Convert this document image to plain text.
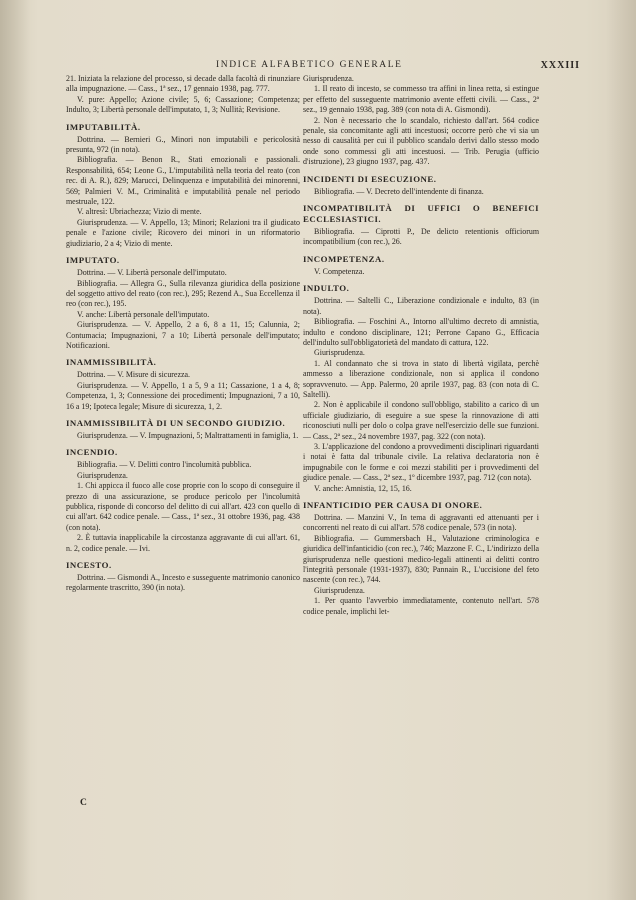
INDICE ALFABETICO GENERALE	XXXIII

21. Iniziata la relazione del processo, si decade dalla facoltà di rinunziare alla impugnazione. — Cass., 1ª sez., 17 gennaio 1938, pag. 777.

V. pure: Appello; Azione civile; 5, 6; Cassazione; Competenza; Indulto, 3; Libertà personale dell'imputato, 1, 3; Nullità; Revisione.

IMPUTABILITÀ.

Dottrina. — Bernieri G., Minori non imputabili e pericolosità presunta, 972 (in nota).

Bibliografia. — Benon R., Stati emozionali e passionali. Responsabilità, 654; Leone G., L'imputabilità nella teoria del reato (con rec. di A. R.), 829; Marucci, Delinquenza e imputabilità dei minorenni, 569; Palmieri V. M., Criminalità e imputabilità penale nel periodo mestruale, 122.

V. altresì: Ubriachezza; Vizio di mente.

Giurisprudenza. — V. Appello, 13; Minori; Relazioni tra il giudicato penale e l'azione civile; Ricovero dei minori in un riformatorio giudiziario, 2 a 4; Vizio di mente.

IMPUTATO.

Dottrina. — V. Libertà personale dell'imputato.

Bibliografia. — Allegra G., Sulla rilevanza giuridica della posizione del soggetto attivo del reato (con rec.), 295; Rezend A., Sua Eccellenza il reo (con rec.), 195.

V. anche: Libertà personale dell'imputato.

Giurisprudenza. — V. Appello, 2 a 6, 8 a 11, 15; Calunnia, 2; Contumacia; Impugnazioni, 7 a 10; Libertà personale dell'imputato; Notificazioni.

INAMMISSIBILITÀ.

Dottrina. — V. Misure di sicurezza.

Giurisprudenza. — V. Appello, 1 a 5, 9 a 11; Cassazione, 1 a 4, 8; Competenza, 1, 3; Connessione dei procedimenti; Impugnazioni, 7 a 10, 16 a 19; Ipoteca legale; Misure di sicurezza, 1, 2.

INAMMISSIBILITÀ DI UN SECONDO GIUDIZIO.

Giurisprudenza. — V. Impugnazioni, 5; Maltrattamenti in famiglia, 1.

INCENDIO.

Bibliografia. — V. Delitti contro l'incolumità pubblica.

Giurisprudenza.

1. Chi appicca il fuoco alle cose proprie con lo scopo di conseguire il prezzo di una assicurazione, se produce pericolo per l'incolumità pubblica, risponde di concorso del delitto di cui all'art. 423 con quello di cui all'art. 642 codice penale. — Cass., 1ª sez., 31 ottobre 1936, pag. 438 (con nota).

2. È tuttavia inapplicabile la circostanza aggravante di cui all'art. 61, n. 2, codice penale. — Ivi.

INCESTO.

Dottrina. — Gismondi A., Incesto e susseguente matrimonio canonico regolarmente trascritto, 390 (in nota).

Giurisprudenza.

1. Il reato di incesto, se commesso tra affini in linea retta, si estingue per effetto del susseguente matrimonio avente effetti civili. — Cass., 2ª sez., 19 gennaio 1938, pag. 389 (con nota di A. Gismondi).

2. Non è necessario che lo scandalo, richiesto dall'art. 564 codice penale, sia concomitante agli atti incestuosi; occorre però che vi sia un nesso di causalità per cui il pubblico scandalo derivi dallo stesso modo onde sono commessi gli atti incestuosi. — Trib. Perugia (ufficio d'istruzione), 23 giugno 1937, pag. 437.

INCIDENTI DI ESECUZIONE.

Bibliografia. — V. Decreto dell'intendente di finanza.

INCOMPATIBILITÀ DI UFFICI O BENEFICI ECCLESIASTICI.

Bibliografia. — Ciprotti P., De delicto retentionis officiorum incompatibilium (con rec.), 26.

INCOMPETENZA.

V. Competenza.

INDULTO.

Dottrina. — Saltelli C., Liberazione condizionale e indulto, 83 (in nota).

Bibliografia. — Foschini A., Intorno all'ultimo decreto di amnistia, indulto e condono disciplinare, 121; Perrone Capano G., Efficacia dell'indulto sull'obbligatorietà del mandato di cattura, 122.

Giurisprudenza.

1. Al condannato che si trova in stato di libertà vigilata, perchè ammesso a liberazione condizionale, non si applica il condono sopravvenuto. — App. Palermo, 20 aprile 1937, pag. 83 (con nota di C. Saltelli).

2. Non è applicabile il condono sull'obbligo, stabilito a carico di un ufficiale giudiziario, di eseguire a sue spese la rinnovazione di atti riconosciuti nulli per dolo o colpa grave nell'esercizio delle sue funzioni. — Cass., 2ª sez., 24 novembre 1937, pag. 322 (con nota).

3. L'applicazione del condono a provvedimenti disciplinari riguardanti i notai è fatta dal tribunale civile. La relativa declaratoria non è impugnabile con le forme e coi mezzi stabiliti per i provvedimenti del giudice penale. — Cass., 2ª sez., 1º dicembre 1937, pag. 712 (con nota).

V. anche: Amnistia, 12, 15, 16.

INFANTICIDIO PER CAUSA DI ONORE.

Dottrina. — Manzini V., In tema di aggravanti ed attenuanti per i concorrenti nel reato di cui all'art. 578 codice penale, 573 (in nota).

Bibliografia. — Gummersbach H., Valutazione criminologica e giuridica dell'infanticidio (con rec.), 746; Mazzone F. C., L'indirizzo della giurisprudenza nelle questioni medico-legali attinenti ai delitti contro l'integrità personale (1931-1937), 830; Pannain R., L'uccisione del feto nascente (con rec.), 744.

Giurisprudenza.

1. Per quanto l'avverbio immediatamente, contenuto nell'art. 578 codice penale, implichi let-

C
